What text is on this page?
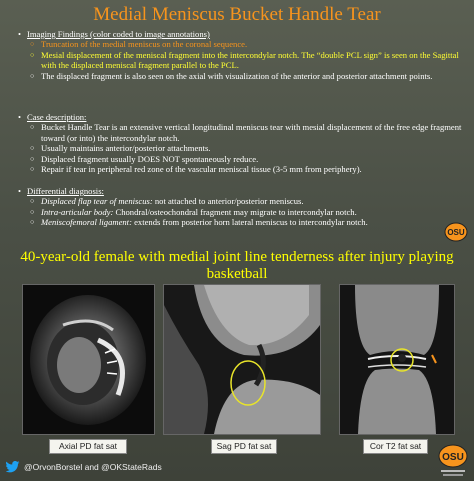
Medial Meniscus Bucket Handle Tear
• Imaging Findings (color coded to image annotations)
○ Truncation of the medial meniscus on the coronal sequence.
○ Mesial displacement of the meniscal fragment into the intercondylar notch. The “double PCL sign” is seen on the Sagittal with the displaced meniscal fragment parallel to the PCL.
○ The displaced fragment is also seen on the axial with visualization of the anterior and posterior attachment points.
• Case description:
○ Bucket Handle Tear is an extensive vertical longitudinal meniscus tear with mesial displacement of the free edge fragment toward (or into) the intercondylar notch.
○ Usually maintains anterior/posterior attachments.
○ Displaced fragment usually DOES NOT spontaneously reduce.
○ Repair if tear in peripheral red zone of the vascular meniscal tissue (3-5 mm from periphery).
• Differential diagnosis:
○ Displaced flap tear of meniscus: not attached to anterior/posterior meniscus.
○ Intra-articular body: Chondral/osteochondral fragment may migrate to intercondylar notch.
○ Meniscofemoral ligament: extends from posterior horn lateral meniscus to intercondylar notch.
OSU
40-year-old female with medial joint line tenderness after injury playing basketball
Axial PD fat sat	Sag PD fat sat	Cor T2 fat sat
@OrvonBorstel and @OKStateRads
OSU
